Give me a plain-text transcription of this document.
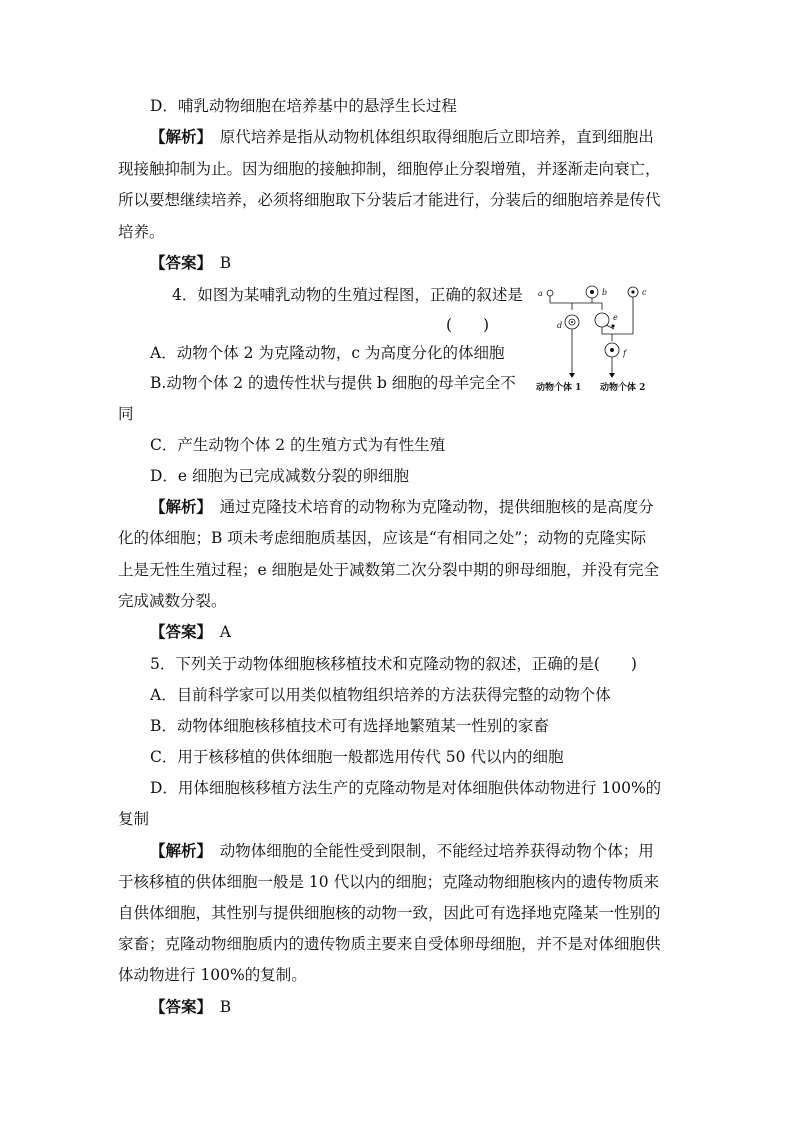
D．哺乳动物细胞在培养基中的悬浮生长过程
【解析】　 原代培养是指从动物机体组织取得细胞后立即培养，直到细胞出
现接触抑制为止。因为细胞的接触抑制，细胞停止分裂增殖，并逐渐走向衰亡，
所以要想继续培养，必须将细胞取下分装后才能进行，分装后的细胞培养是传代
培养。
【答案】　 B
4．如图为某哺乳动物的生殖过程图，正确的叙述是
(　　)
A．动物个体 2 为克隆动物，c 为高度分化的体细胞
B.动物个体 2 的遗传性状与提供 b 细胞的母羊完全不
同
C．产生动物个体 2 的生殖方式为有性生殖
D．e 细胞为已完成减数分裂的卵细胞
a	b
d
e
c
f
动物个体 1 动物个体 2
【解析】　 通过克隆技术培育的动物称为克隆动物，提供细胞核的是高度分
化的体细胞；B 项未考虑细胞质基因，应该是“有相同之处”；动物的克隆实际
上是无性生殖过程；e 细胞是处于减数第二次分裂中期的卵母细胞，并没有完全
完成减数分裂。
【答案】　 A
5．下列关于动物体细胞核移植技术和克隆动物的叙述，正确的是(　　)
A．目前科学家可以用类似植物组织培养的方法获得完整的动物个体
B．动物体细胞核移植技术可有选择地繁殖某一性别的家畜
C．用于核移植的供体细胞一般都选用传代 50 代以内的细胞
D．用体细胞核移植方法生产的克隆动物是对体细胞供体动物进行 100%的
复制
【解析】　 动物体细胞的全能性受到限制，不能经过培养获得动物个体；用
于核移植的供体细胞一般是 10 代以内的细胞；克隆动物细胞核内的遗传物质来
自供体细胞，其性别与提供细胞核的动物一致，因此可有选择地克隆某一性别的
家畜；克隆动物细胞质内的遗传物质主要来自受体卵母细胞，并不是对体细胞供
体动物进行 100%的复制。
【答案】　 B
